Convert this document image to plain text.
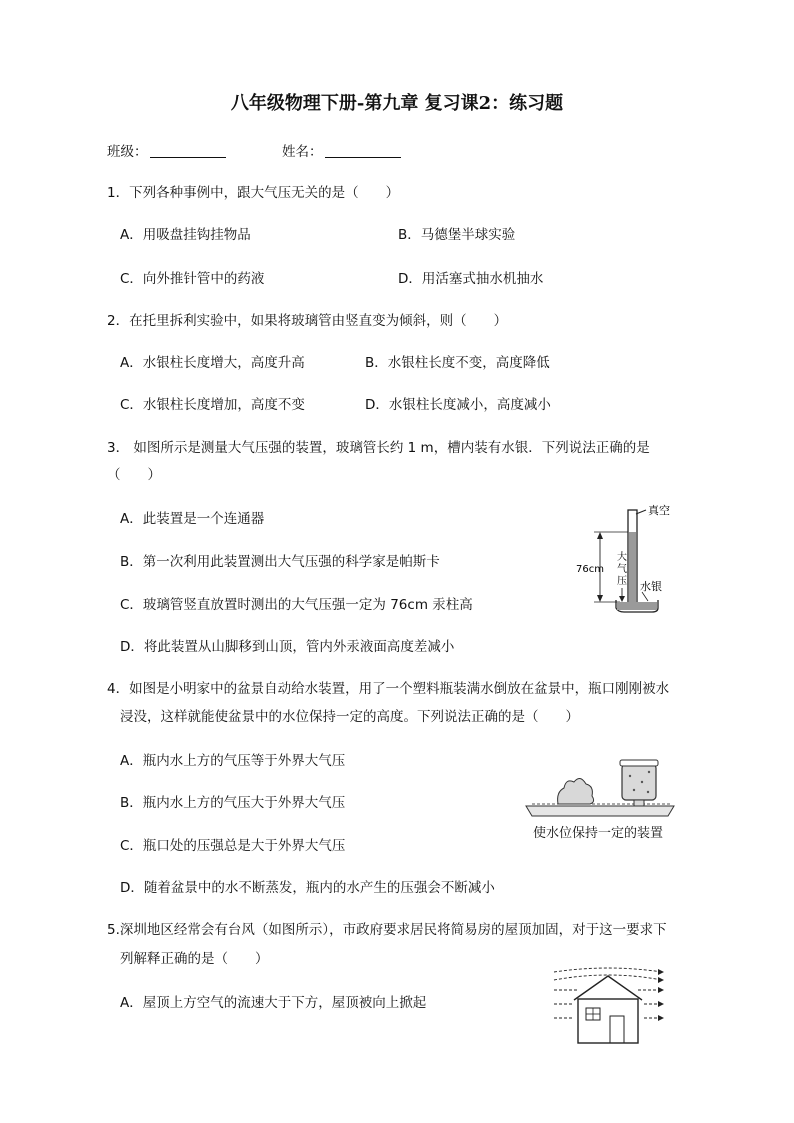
八年级物理下册-第九章 复习课2：练习题
班级：	姓名：
1．下列各种事例中，跟大气压无关的是（　　）
A．用吸盘挂钩挂物品	B．马德堡半球实验
C．向外推针管中的药液	D．用活塞式抽水机抽水
2．在托里拆利实验中，如果将玻璃管由竖直变为倾斜，则（　　）
A．水银柱长度增大，高度升高	B．水银柱长度不变，高度降低
C．水银柱长度增加，高度不变	D．水银柱长度减小，高度减小
3． 如图所示是测量大气压强的装置，玻璃管长约 1 m，槽内装有水银．下列说法正确的是
（　　）
A．此装置是一个连通器
B．第一次利用此装置测出大气压强的科学家是帕斯卡
C．玻璃管竖直放置时测出的大气压强一定为 76cm 汞柱高
D．将此装置从山脚移到山顶，管内外汞液面高度差减小
真空
76cm
大
气
压 水银
4．如图是小明家中的盆景自动给水装置，用了一个塑料瓶装满水倒放在盆景中，瓶口刚刚被水
浸没，这样就能使盆景中的水位保持一定的高度。下列说法正确的是（　　）
A．瓶内水上方的气压等于外界大气压
B．瓶内水上方的气压大于外界大气压
C．瓶口处的压强总是大于外界大气压
D．随着盆景中的水不断蒸发，瓶内的水产生的压强会不断减小
使水位保持一定的装置
5.深圳地区经常会有台风（如图所示），市政府要求居民将简易房的屋顶加固，对于这一要求下
列解释正确的是（　　）
A．屋顶上方空气的流速大于下方，屋顶被向上掀起
